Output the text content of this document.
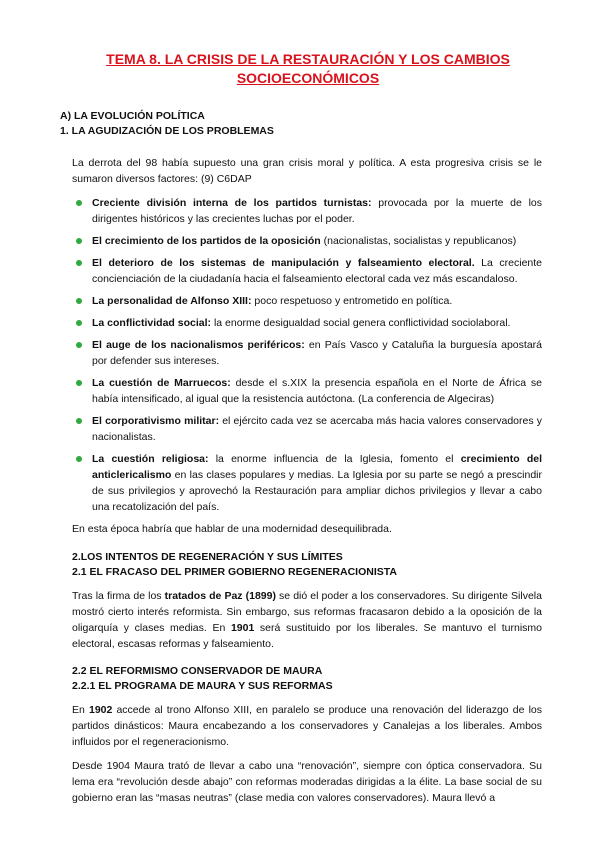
TEMA 8. LA CRISIS DE LA RESTAURACIÓN Y LOS CAMBIOS
SOCIOECONÓMICOS
A) LA EVOLUCIÓN POLÍTICA
1. LA AGUDIZACIÓN DE LOS PROBLEMAS

La derrota del 98 había supuesto una gran crisis moral y política. A esta progresiva crisis se le sumaron diversos factores: (9) C6DAP

Creciente división interna de los partidos turnistas: provocada por la muerte de los dirigentes históricos y las crecientes luchas por el poder.
El crecimiento de los partidos de la oposición (nacionalistas, socialistas y republicanos)
El deterioro de los sistemas de manipulación y falseamiento electoral. La creciente concienciación de la ciudadanía hacia el falseamiento electoral cada vez más escandaloso.
La personalidad de Alfonso XIII: poco respetuoso y entrometido en política.
La conflictividad social: la enorme desigualdad social genera conflictividad sociolaboral.
El auge de los nacionalismos periféricos: en País Vasco y Cataluña la burguesía apostará por defender sus intereses.
La cuestión de Marruecos: desde el s.XIX la presencia española en el Norte de África se había intensificado, al igual que la resistencia autóctona. (La conferencia de Algeciras)
El corporativismo militar: el ejército cada vez se acercaba más hacia valores conservadores y nacionalistas.
La cuestión religiosa: la enorme influencia de la Iglesia, fomento el crecimiento del anticlericalismo en las clases populares y medias. La Iglesia por su parte se negó a prescindir de sus privilegios y aprovechó la Restauración para ampliar dichos privilegios y llevar a cabo una recatolización del país.

En esta época habría que hablar de una modernidad desequilibrada.

2.LOS INTENTOS DE REGENERACIÓN Y SUS LÍMITES
2.1 EL FRACASO DEL PRIMER GOBIERNO REGENERACIONISTA

Tras la firma de los tratados de Paz (1899) se dió el poder a los conservadores. Su dirigente Silvela mostró cierto interés reformista. Sin embargo, sus reformas fracasaron debido a la oposición de la oligarquía y clases medias. En 1901 será sustituido por los liberales. Se mantuvo el turnismo electoral, escasas reformas y falseamiento.

2.2 EL REFORMISMO CONSERVADOR DE MAURA
2.2.1 EL PROGRAMA DE MAURA Y SUS REFORMAS

En 1902 accede al trono Alfonso XIII, en paralelo se produce una renovación del liderazgo de los partidos dinásticos: Maura encabezando a los conservadores y Canalejas a los liberales. Ambos influidos por el regeneracionismo.

Desde 1904 Maura trató de llevar a cabo una “renovación”, siempre con óptica conservadora. Su lema era “revolución desde abajo” con reformas moderadas dirigidas a la élite. La base social de su gobierno eran las “masas neutras” (clase media con valores conservadores). Maura llevó a
